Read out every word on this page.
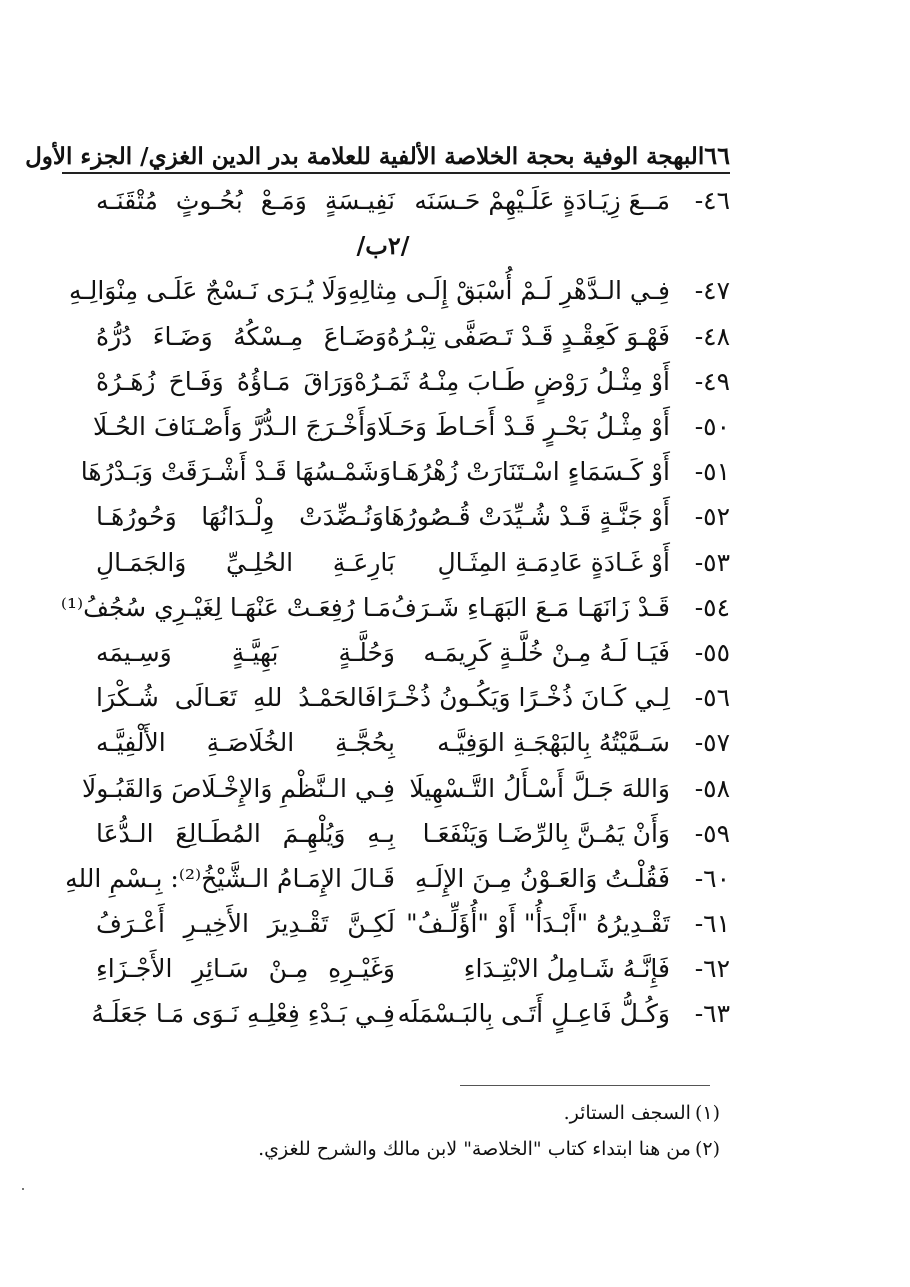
٦٦
البهجة الوفية بحجة الخلاصة الألفية للعلامة بدر الدين الغزي/ الجزء الأول
٤٦-
مَــعَ زِيَـادَةٍ عَلَـيْهِمْ حَـسَنَه
نَفِيـسَةٍ وَمَـعْ بُحُـوثٍ مُتْقَنَـه
/٢ب/
٤٧-
فِـي الـدَّهْرِ لَـمْ أُسْبَقْ إِلَـى مِثالِهِ
وَلَا يُـرَى نَـسْجٌ عَلَـى مِنْوَالِـهِ
٤٨-
فَهْـوَ كَعِقْـدٍ قَـدْ تَـصَفَّى تِبْـرُهُ
وَضَـاعَ مِـسْكُهُ وَضَـاءَ دُرُّهُ
٤٩-
أَوْ مِثْـلُ رَوْضٍ طَـابَ مِنْـهُ ثَمَـرُهْ
وَرَاقَ مَـاؤُهُ وَفَـاحَ زُهَـرُهْ
٥٠-
أَوْ مِثْـلُ بَحْـرٍ قَـدْ أَحَـاطَ وَحَـلَا
وَأَخْـرَجَ الـدُّرَّ وَأَصْـنَافَ الحُـلَا
٥١-
أَوْ كَـسَمَاءٍ اسْـتَنَارَتْ زُهْرُهَـا
وَشَمْـسُهَا قَـدْ أَشْـرَقَتْ وَبَـدْرُهَا
٥٢-
أَوْ جَنَّـةٍ قَـدْ شُـيِّدَتْ قُـصُورُهَا
وَنُـضِّدَتْ وِلْـدَانُهَا وَحُورُهَـا
٥٣-
أَوْ غَـادَةٍ عَادِمَـةِ المِثَـالِ
بَارِعَـةِ الحُلِـيِّ وَالجَمَـالِ
٥٤-
قَـدْ زَانَهَـا مَـعَ البَهَـاءِ شَـرَفُ
مَـا رُفِعَـتْ عَنْهَـا لِغَيْـرِي سُجُفُ⁽¹⁾
٥٥-
فَيَـا لَـهُ مِـنْ خُلَّـةٍ كَرِيمَـه
وَحُلَّـةٍ بَهِيَّـةٍ وَسِـيمَه
٥٦-
لِـي كَـانَ ذُخْـرًا وَيَكُـونُ ذُخْـرًا
فَالحَمْـدُ للهِ تَعَـالَى شُـكْرَا
٥٧-
سَـمَّيْتُهُ بِالبَهْجَـةِ الوَفِيَّـه
بِحُجَّـةِ الخُلَاصَـةِ الأَلْفِيَّـه
٥٨-
وَاللهَ جَـلَّ أَسْـأَلُ التَّـسْهِيلَا
فِـي الـنَّظْمِ وَالإِخْـلَاصَ وَالقَبُـولَا
٥٩-
وَأَنْ يَمُـنَّ بِالرِّضَـا وَيَنْفَعَـا
بِـهِ وَيُلْهِـمَ المُطَـالِعَ الـدُّعَا
٦٠-
فَقُلْـتُ وَالعَـوْنُ مِـنَ الإِلَـهِ
قَـالَ الإِمَـامُ الـشَّيْخُ⁽²⁾: بِـسْمِ اللهِ
٦١-
تَقْـدِيرُهُ "أَبْـدَأُ" أَوْ "أُؤَلِّـفُ"
لَكِـنَّ تَقْـدِيرَ الأَخِيـرِ أَعْـرَفُ
٦٢-
فَإِنَّـهُ شَـامِلُ الابْتِـدَاءِ
وَغَيْـرِهِ مِـنْ سَـائِرِ الأَجْـزَاءِ
٦٣-
وَكُـلُّ فَاعِـلٍ أَتَـى بِالبَـسْمَلَه
فِـي بَـدْءِ فِعْلِـهِ نَـوَى مَـا جَعَلَـهُ
(١)
السجف الستائر.
(٢)
من هنا ابتداء كتاب "الخلاصة" لابن مالك والشرح للغزي.
